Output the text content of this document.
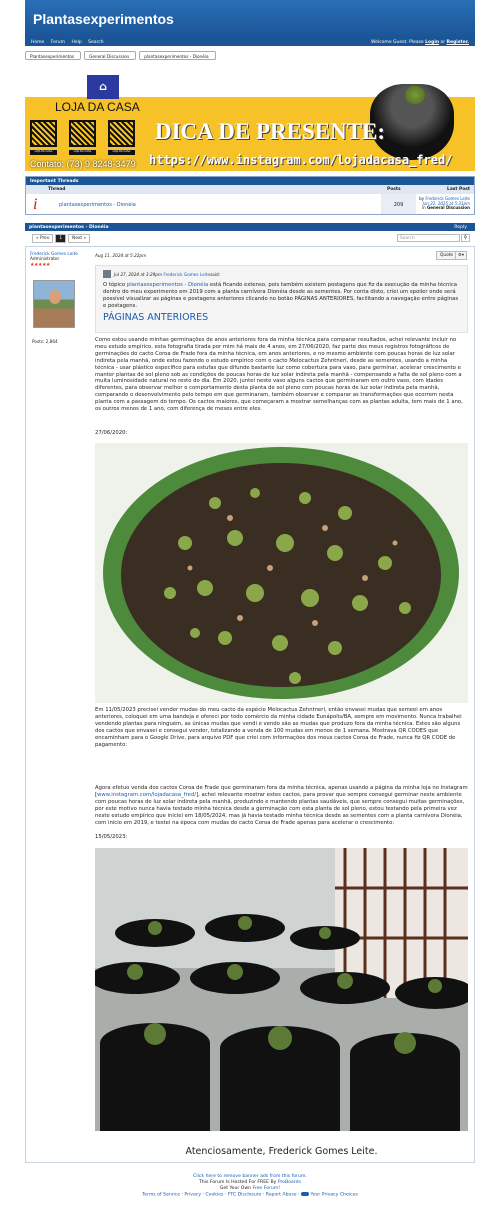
Plantasexperimentos
Home Forum Help Search	Welcome Guest. Please Login or Register.
Plantasexperimentos	General Discussion	plantasexperimentos - Dionéia
⌂
LOJA DA CASA
LOJA DA CASA	LOJA DA CASA	LOJA DA CASA
Contato: (73) 9 8248-3479
DICA DE PRESENTE:
https://www.instagram.com/lojadacasa_fred/
Important Threads
Thread	Posts	Last Post
i	plantasexperimentos - Dionéia	209
by Frederick Gomes Leite
Jan 22, 2025 at 5:31pm
in General Discussion
plantasexperimentos - Dionéia	Reply
« Prev	1	Next »	Search	⚲
Frederick Gomes Leite
Administrator
★★★★★
Posts: 2,864
Aug 11, 2024 at 5:22pm	Quote	⚙▾
Jul 27, 2024 at 3:29pm
Frederick Gomes Leite said:
O tópico plantasexperimentos - Dionéia está ficando extenso, pois também existem postagens que fiz da execução da minha técnica dentro do meu experimento em 2019 com a planta carnívora Dionéia desde as sementes. Por conta disto, criei um spoiler onde será possível visualizar as páginas e postagens anteriores clicando no botão PÁGINAS ANTERIORES, facilitando a navegação entre páginas e postagens.
PÁGINAS ANTERIORES
Como estou usando minhas germinações de anos anteriores fora da minha técnica para comparar resultados, achei relevante incluir no meu estudo empírico, esta fotografia tirada por mim há mais de 4 anos, em 27/06/2020, faz parte dos meus registros fotográficos de germinações do cacto Coroa de Frade fora da minha técnica, em anos anteriores, e no mesmo ambiente com poucas horas de luz solar indireta pela manhã, onde estou fazendo o estudo empírico com o cacto Melocactus Zehntneri, desde as sementes, usando a minha técnica - usar plástico específico para estufas que difunde bastante luz como cobertura para vaso, para germinar, acelerar crescimento e manter plantas de sol pleno sob as condições de poucas horas de luz solar indireta pela manhã - compensando a falta de sol pleno com a muita luminosidade natural no resto do dia. Em 2020, juntei neste vaso alguns cactos que germinaram em outro vaso, com idades diferentes, para observar melhor o comportamento desta planta de sol pleno com poucas horas de luz solar indireta pela manhã, comparando o desenvolvimento pelo tempo em que germinaram, também observar e comparar as transformações que ocorrem nesta planta com a passagem do tempo. Os cactos maiores, que começaram a mostrar semelhanças com as plantas adulta, tem mais de 1 ano, os outros menos de 1 ano, com diferença de meses entre eles.
27/06/2020:
Em 11/05/2023 precisei vender mudas do meu cacto da espécie Melocactus Zehntneri, então envasei mudas que semeei em anos anteriores, coloquei em uma bandeja e ofereci por todo comércio da minha cidade Eunápolis/BA, sempre em movimento. Nunca trabalhei vendendo plantas para ninguém, as únicas mudas que vendi e vendo são as mudas que produzo fora da minha técnica. Estes são alguns dos cactos que envasei e consegui vender, totalizando a venda de 100 mudas em menos de 1 semana. Mostrava QR CODES que encaminham para o Google Drive, para arquivo PDF que criei com informações dos meus cactos Coroa de Frade, nunca fiz QR CODE de pagamento:
Agora efetuo venda dos cactos Coroa de Frade que germinaram fora da minha técnica, apenas usando a página da minha loja no Instagram [www.instagram.com/lojadacasa_fred/], achei relevante mostrar estes cactos, para provar que sempre consegui germinar neste ambiente com poucas horas de luz solar indireta pela manhã, produzindo e mantendo plantas saudáveis, que sempre consegui muitas germinações, por este motivo nunca havia testado minha técnica desde a germinação com esta planta de sol pleno, estou testando pela primeira vez neste estudo empírico que iniciei em 18/05/2024, mas já havia testado minha técnica desde as sementes com a planta carnívora Dionéia, com início em 2019, e testei na época com mudas do cacto Coroa de Frade apenas para acelerar o crescimento:
15/05/2023:
Atenciosamente, Frederick Gomes Leite.
Click here to remove banner ads from this forum.
This Forum Is Hosted For FREE By ProBoards
Get Your Own Free Forum!
Terms of Service · Privacy · Cookies · FTC Disclosure · Report Abuse ·  Your Privacy Choices
